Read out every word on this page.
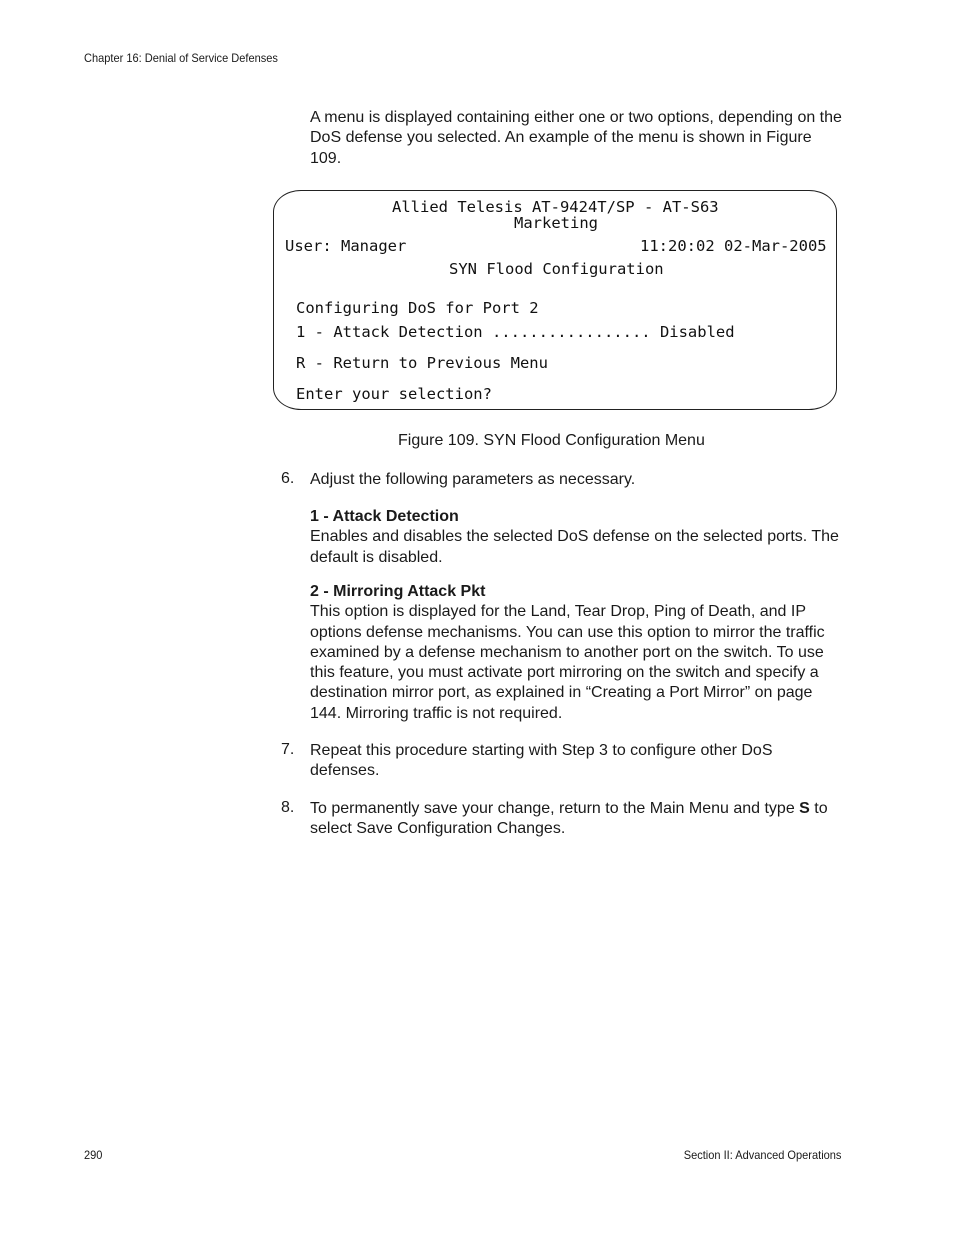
Chapter 16: Denial of Service Defenses

A menu is displayed containing either one or two options, depending on the DoS defense you selected. An example of the menu is shown in Figure 109.

Allied Telesis AT-9424T/SP - AT-S63
Marketing
User: Manager	11:20:02 02-Mar-2005
SYN Flood Configuration
Configuring DoS for Port 2
1 - Attack Detection ................. Disabled
R - Return to Previous Menu
Enter your selection?
Figure 109. SYN Flood Configuration Menu
6. Adjust the following parameters as necessary.
1 - Attack Detection
Enables and disables the selected DoS defense on the selected ports. The default is disabled.
2 - Mirroring Attack Pkt
This option is displayed for the Land, Tear Drop, Ping of Death, and IP options defense mechanisms. You can use this option to mirror the traffic examined by a defense mechanism to another port on the switch. To use this feature, you must activate port mirroring on the switch and specify a destination mirror port, as explained in “Creating a Port Mirror” on page 144. Mirroring traffic is not required.
7. Repeat this procedure starting with Step 3 to configure other DoS defenses.
8. To permanently save your change, return to the Main Menu and type S to select Save Configuration Changes.
290	Section II: Advanced Operations
